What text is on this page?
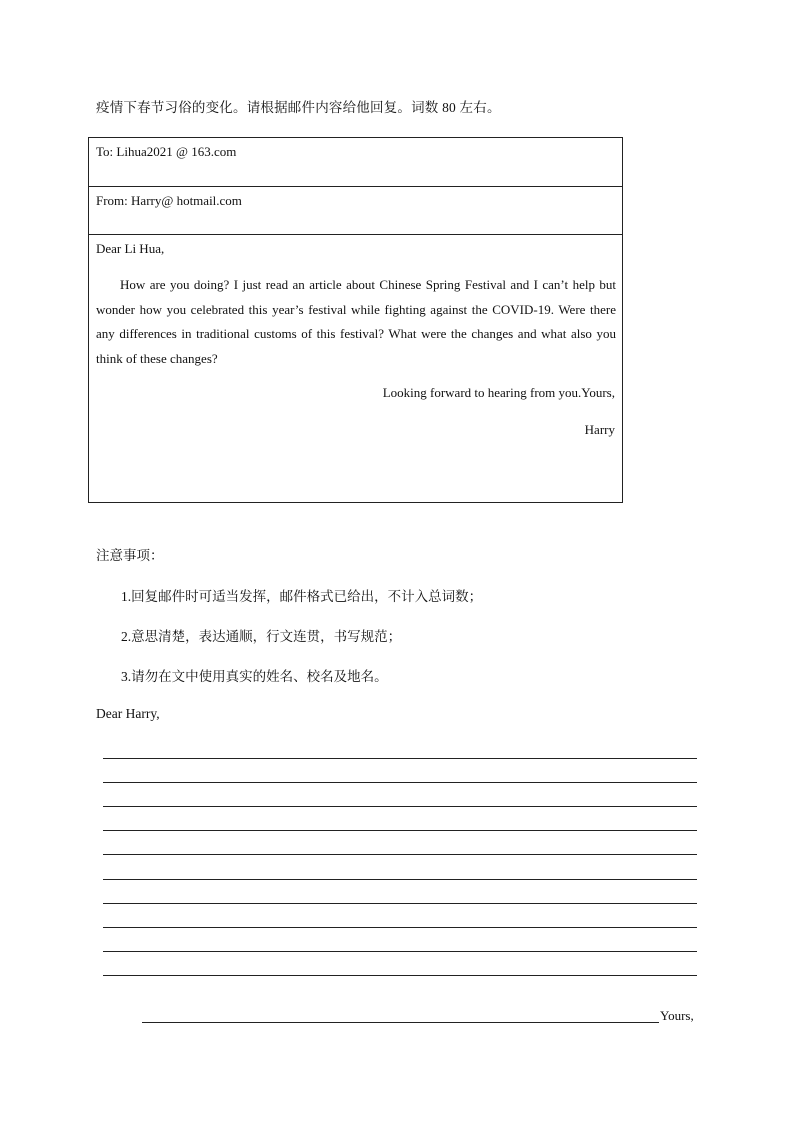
疫情下春节习俗的变化。请根据邮件内容给他回复。词数 80 左右。
To: Lihua2021 @ 163.com
From: Harry@ hotmail.com
Dear Li Hua,
How are you doing? I just read an article about Chinese Spring Festival and I can’t help but wonder how you celebrated this year’s festival while fighting against the COVID-19. Were there any differences in traditional customs of this festival? What were the changes and what also you think of these changes?
Looking forward to hearing from you.Yours,
Harry
注意事项：
1.回复邮件时可适当发挥，邮件格式已给出，不计入总词数；
2.意思清楚，表达通顺，行文连贯，书写规范；
3.请勿在文中使用真实的姓名、校名及地名。
Dear Harry,
Yours,
